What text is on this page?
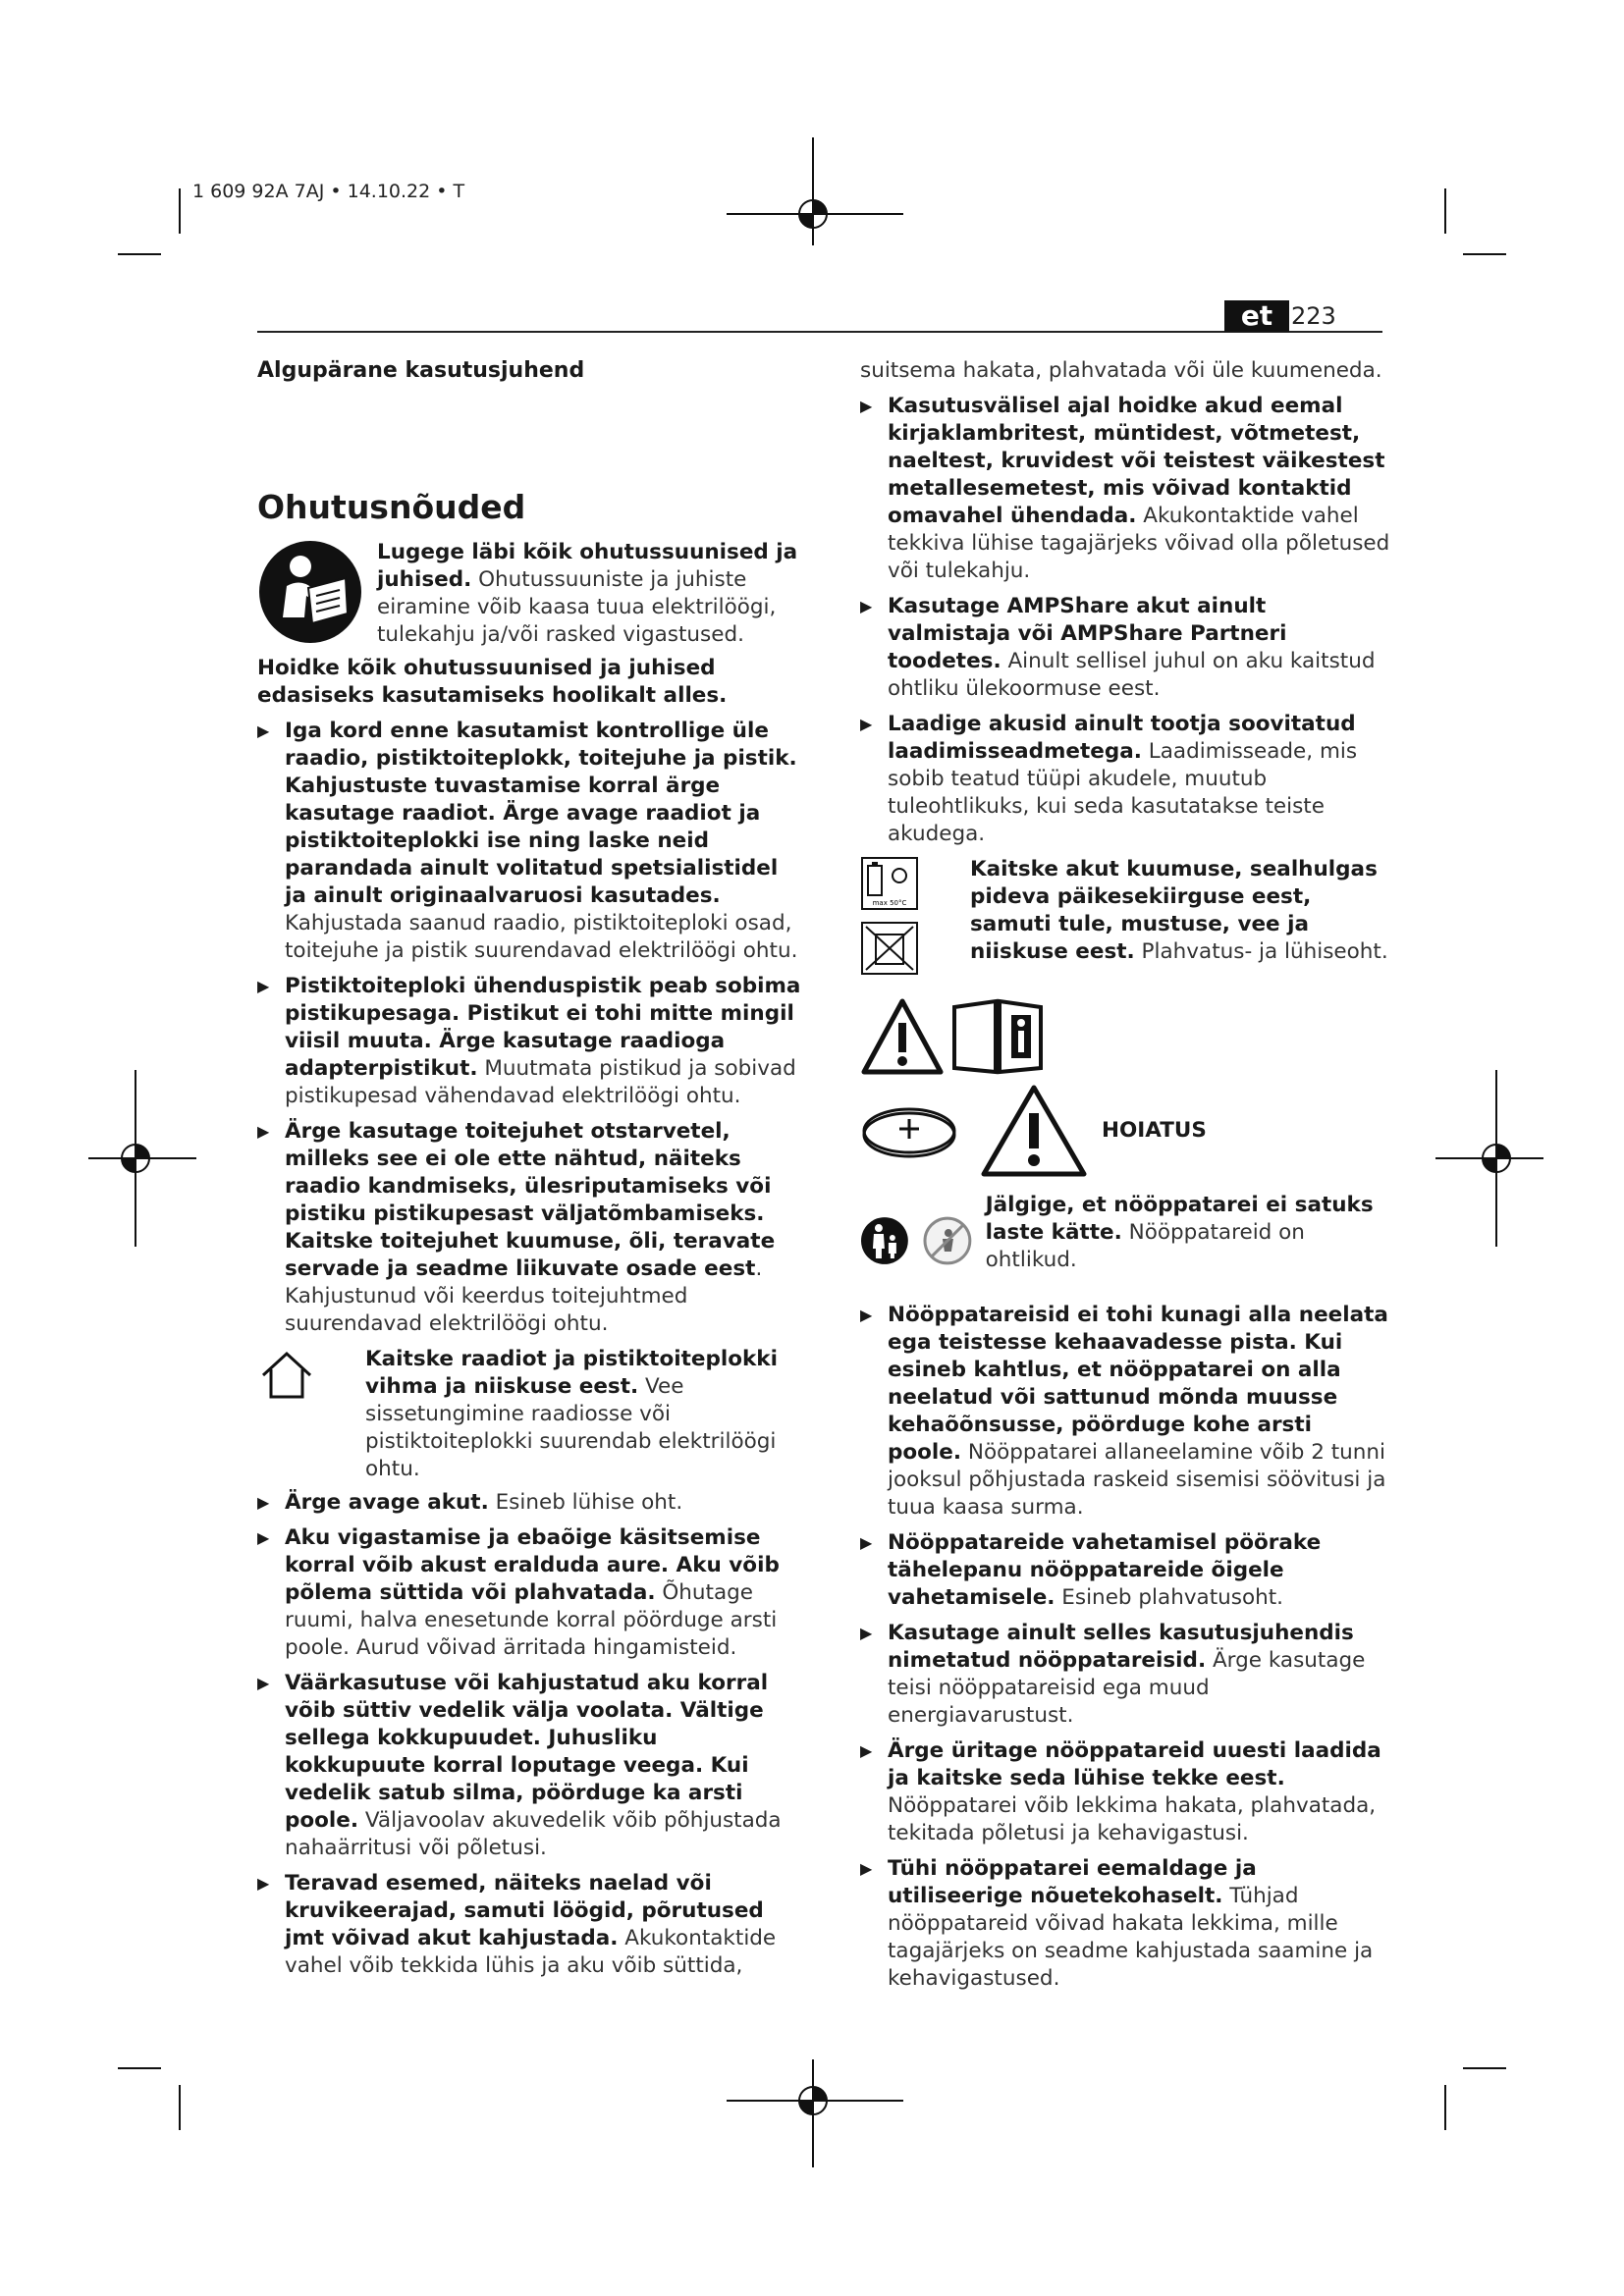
1 609 92A 7AJ • 14.10.22 • T
et 223
Algupärane kasutusjuhend
Ohutusnõuded
Lugege läbi kõik ohutussuunised ja juhised. Ohutussuuniste ja juhiste eiramine võib kaasa tuua elektrilöögi, tulekahju ja/või rasked vigastused.

Hoidke kõik ohutussuunised ja juhised edasiseks kasutamiseks hoolikalt alles.

▶ Iga kord enne kasutamist kontrollige üle raadio, pistiktoiteplokk, toitejuhe ja pistik. Kahjustuste tuvastamise korral ärge kasutage raadiot. Ärge avage raadiot ja pistiktoiteplokki ise ning laske neid parandada ainult volitatud spetsialistidel ja ainult originaalvaruosi kasutades. Kahjustada saanud raadio, pistiktoiteploki osad, toitejuhe ja pistik suurendavad elektrilöögi ohtu.
▶ Pistiktoiteploki ühenduspistik peab sobima pistikupesaga. Pistikut ei tohi mitte mingil viisil muuta. Ärge kasutage raadioga adapterpistikut. Muutmata pistikud ja sobivad pistikupesad vähendavad elektrilöögi ohtu.
▶ Ärge kasutage toitejuhet otstarvetel, milleks see ei ole ette nähtud, näiteks raadio kandmiseks, ülesriputamiseks või pistiku pistikupesast väljatõmbamiseks. Kaitske toitejuhet kuumuse, õli, teravate servade ja seadme liikuvate osade eest. Kahjustunud või keerdus toitejuhtmed suurendavad elektrilöögi ohtu.
Kaitske raadiot ja pistiktoiteplokki vihma ja niiskuse eest. Vee sissetungimine raadiosse või pistiktoiteplokki suurendab elektrilöögi ohtu.
▶ Ärge avage akut. Esineb lühise oht.
▶ Aku vigastamise ja ebaõige käsitsemise korral võib akust eralduda aure. Aku võib põlema süttida või plahvatada. Õhutage ruumi, halva enesetunde korral pöörduge arsti poole. Aurud võivad ärritada hingamisteid.
▶ Väärkasutuse või kahjustatud aku korral võib süttiv vedelik välja voolata. Vältige sellega kokkupuudet. Juhusliku kokkupuute korral loputage veega. Kui vedelik satub silma, pöörduge ka arsti poole. Väljavoolav akuvedelik võib põhjustada nahaärritusi või põletusi.
▶ Teravad esemed, näiteks naelad või kruvikeerajad, samuti löögid, põrutused jmt võivad akut kahjustada. Akukontaktide vahel võib tekkida lühis ja aku võib süttida,

suitsema hakata, plahvatada või üle kuumeneda.

▶ Kasutusvälisel ajal hoidke akud eemal kirjaklambritest, müntidest, võtmetest, naeltest, kruvidest või teistest väikestest metallesemetest, mis võivad kontaktid omavahel ühendada. Akukontaktide vahel tekkiva lühise tagajärjeks võivad olla põletused või tulekahju.
▶ Kasutage AMPShare akut ainult valmistaja või AMPShare Partneri toodetes. Ainult sellisel juhul on aku kaitstud ohtliku ülekoormuse eest.
▶ Laadige akusid ainult tootja soovitatud laadimisseadmetega. Laadimisseade, mis sobib teatud tüüpi akudele, muutub tuleohtlikuks, kui seda kasutatakse teiste akudega.
max 50°C
Kaitske akut kuumuse, sealhulgas pideva päikesekiirguse eest, samuti tule, mustuse, vee ja niiskuse eest. Plahvatus- ja lühiseoht.
HOIATUS
Jälgige, et nööppatarei ei satuks laste kätte. Nööppatareid on ohtlikud.
▶ Nööppatareisid ei tohi kunagi alla neelata ega teistesse kehaavadesse pista. Kui esineb kahtlus, et nööppatarei on alla neelatud või sattunud mõnda muusse kehaõõnsusse, pöörduge kohe arsti poole. Nööppatarei allaneelamine võib 2 tunni jooksul põhjustada raskeid sisemisi söövitusi ja tuua kaasa surma.
▶ Nööppatareide vahetamisel pöörake tähelepanu nööppatareide õigele vahetamisele. Esineb plahvatusoht.
▶ Kasutage ainult selles kasutusjuhendis nimetatud nööppatareisid. Ärge kasutage teisi nööppatareisid ega muud energiavarustust.
▶ Ärge üritage nööppatareid uuesti laadida ja kaitske seda lühise tekke eest. Nööppatarei võib lekkima hakata, plahvatada, tekitada põletusi ja kehavigastusi.
▶ Tühi nööppatarei eemaldage ja utiliseerige nõuetekohaselt. Tühjad nööppatareid võivad hakata lekkima, mille tagajärjeks on seadme kahjustada saamine ja kehavigastused.
